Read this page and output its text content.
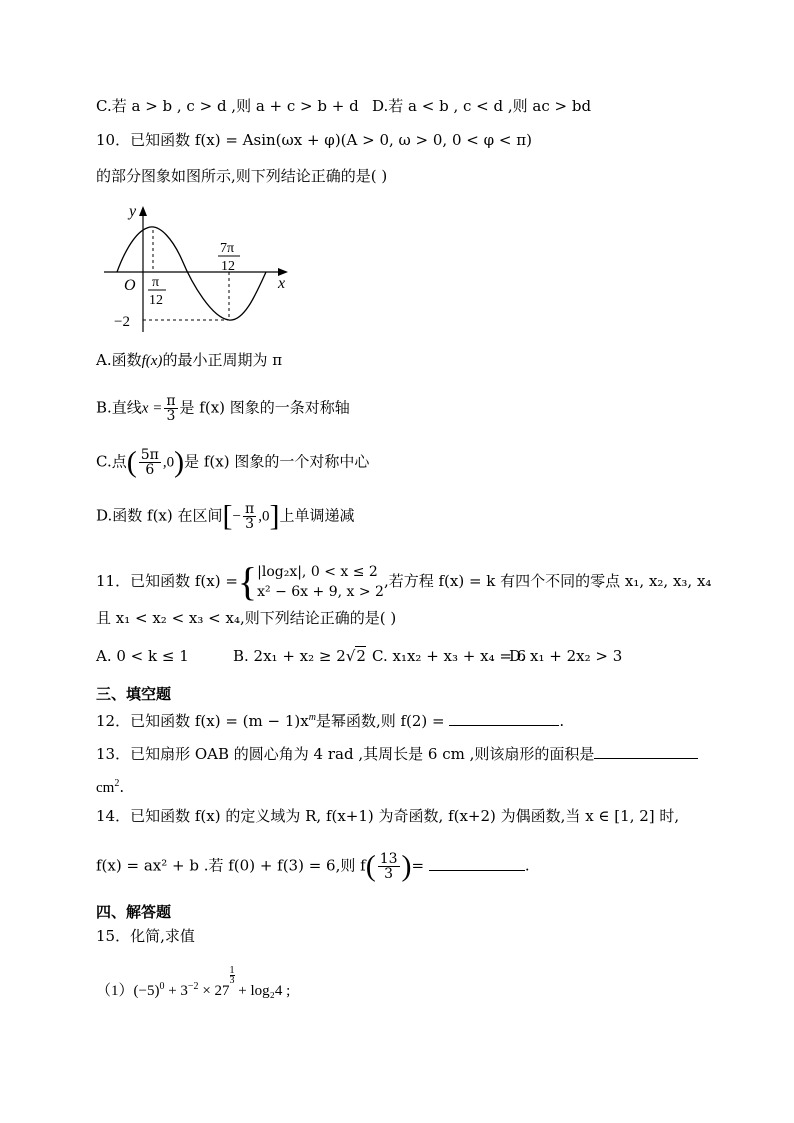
C.若 a > b , c > d ,则 a + c > b + d D.若 a < b , c < d ,则 ac > bd
10．已知函数 f(x) = Asin(ωx + φ)(A > 0, ω > 0, 0 < φ < π)
的部分图象如图所示,则下列结论正确的是( )
y
x
O π
12
7π
12
−2
A.函数f(x)的最小正周期为 π
B.直线$x = \frac{\pi}{3}$ 是 f(x) 图象的一条对称轴
C.点( $\frac{5\pi}{6} ,0$)是 f(x) 图象的一个对称中心
D.函数 f(x) 在区间[− $\frac{\pi}{3} ,0$]上单调递减
11．已知函数 f(x) ={ |log₂x|, 0 < x ≤ 2
x² − 6x + 9, x > 2
,若方程 f(x) = k 有四个不同的零点 x₁, x₂, x₃, x₄
且 x₁ < x₂ < x₃ < x₄,则下列结论正确的是( )
A. 0 < k ≤ 1	B. 2x₁ + x₂ ≥ 2√2 C. x₁x₂ + x₃ + x₄ = 6
D. x₁ + 2x₂ > 3
三、填空题
12．已知函数 $f(x) = (m - 1)x^m$是幂函数,则 f(2) =	.
13．已知扇形 OAB 的圆心角为 4 rad ,其周长是 6 cm ,则该扇形的面积是
$cm^2$.
14．已知函数 f(x) 的定义域为 R, f(x+1) 为奇函数, f(x+2) 为偶函数,当 x ∈ [1, 2] 时,
f(x) = ax² + b .若 f(0) + f(3) = 6,则 $f( \frac{13}{3}$ )=	.
四、解答题
15．化简,求值
$(1)(-5)^0 + 3^{-2} \times 27$
$^{\frac{1}{3}}$
+ log₂4 ;
